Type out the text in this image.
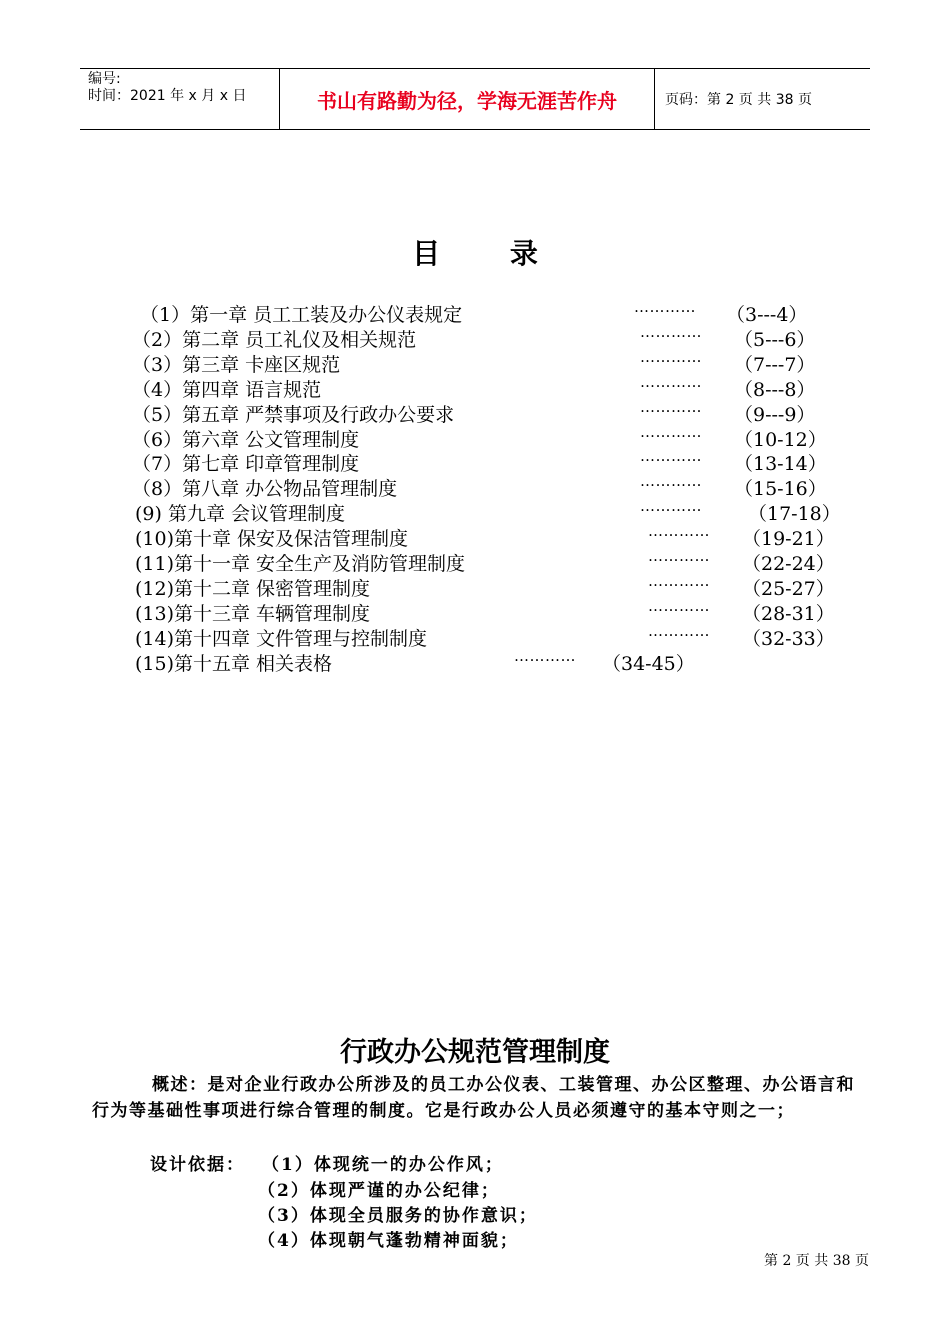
编号:
时间：2021 年 x 月 x 日	书山有路勤为径，学海无涯苦作舟	页码：第 2 页 共 38 页
目 录
（1）第一章 员工工装及办公仪表规定	………… （3---4）
（2）第二章 员工礼仪及相关规范	………… （5---6）
（3）第三章 卡座区规范	………… （7---7）
（4）第四章 语言规范	………… （8---8）
（5）第五章 严禁事项及行政办公要求	………… （9---9）
（6）第六章 公文管理制度	………… （10-12）
（7）第七章 印章管理制度	………… （13-14）
（8）第八章 办公物品管理制度	………… （15-16）
(9) 第九章 会议管理制度	………… （17-18）
(10)第十章 保安及保洁管理制度	………… （19-21）
(11)第十一章 安全生产及消防管理制度	………… （22-24）
(12)第十二章 保密管理制度	………… （25-27）
(13)第十三章 车辆管理制度	………… （28-31）
(14)第十四章 文件管理与控制制度	………… （32-33）
(15)第十五章 相关表格	………… （34-45）
行政办公规范管理制度

概述：是对企业行政办公所涉及的员工办公仪表、工装管理、办公区整理、办公语言和行为等基础性事项进行综合管理的制度。它是行政办公人员必须遵守的基本守则之一；

设计依据： （1）体现统一的办公作风；
（2）体现严谨的办公纪律；
（3）体现全员服务的协作意识；
（4）体现朝气蓬勃精神面貌；
第 2 页 共 38 页
